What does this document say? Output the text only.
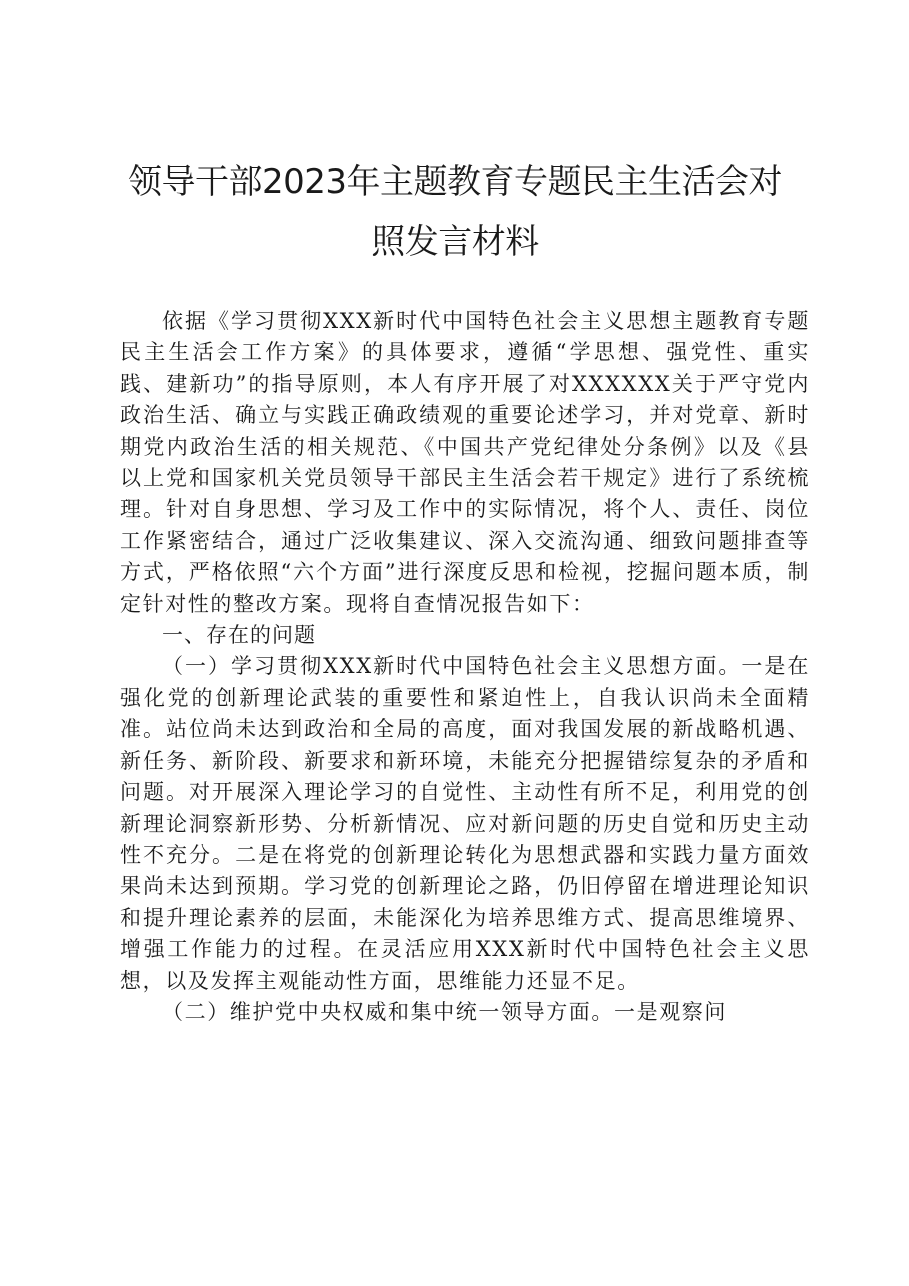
领导干部2023年主题教育专题民主生活会对
照发言材料

依据《学习贯彻XXX新时代中国特色社会主义思想主题教育专题民主生活会工作方案》的具体要求，遵循“学思想、强党性、重实践、建新功”的指导原则，本人有序开展了对XXXXXX关于严守党内政治生活、确立与实践正确政绩观的重要论述学习，并对党章、新时期党内政治生活的相关规范、《中国共产党纪律处分条例》以及《县以上党和国家机关党员领导干部民主生活会若干规定》进行了系统梳理。针对自身思想、学习及工作中的实际情况，将个人、责任、岗位工作紧密结合，通过广泛收集建议、深入交流沟通、细致问题排查等方式，严格依照“六个方面”进行深度反思和检视，挖掘问题本质，制定针对性的整改方案。现将自查情况报告如下：

一、存在的问题

（一）学习贯彻XXX新时代中国特色社会主义思想方面。一是在强化党的创新理论武装的重要性和紧迫性上，自我认识尚未全面精准。站位尚未达到政治和全局的高度，面对我国发展的新战略机遇、新任务、新阶段、新要求和新环境，未能充分把握错综复杂的矛盾和问题。对开展深入理论学习的自觉性、主动性有所不足，利用党的创新理论洞察新形势、分析新情况、应对新问题的历史自觉和历史主动性不充分。二是在将党的创新理论转化为思想武器和实践力量方面效果尚未达到预期。学习党的创新理论之路，仍旧停留在增进理论知识和提升理论素养的层面，未能深化为培养思维方式、提高思维境界、增强工作能力的过程。在灵活应用XXX新时代中国特色社会主义思想，以及发挥主观能动性方面，思维能力还显不足。

（二）维护党中央权威和集中统一领导方面。一是观察问
